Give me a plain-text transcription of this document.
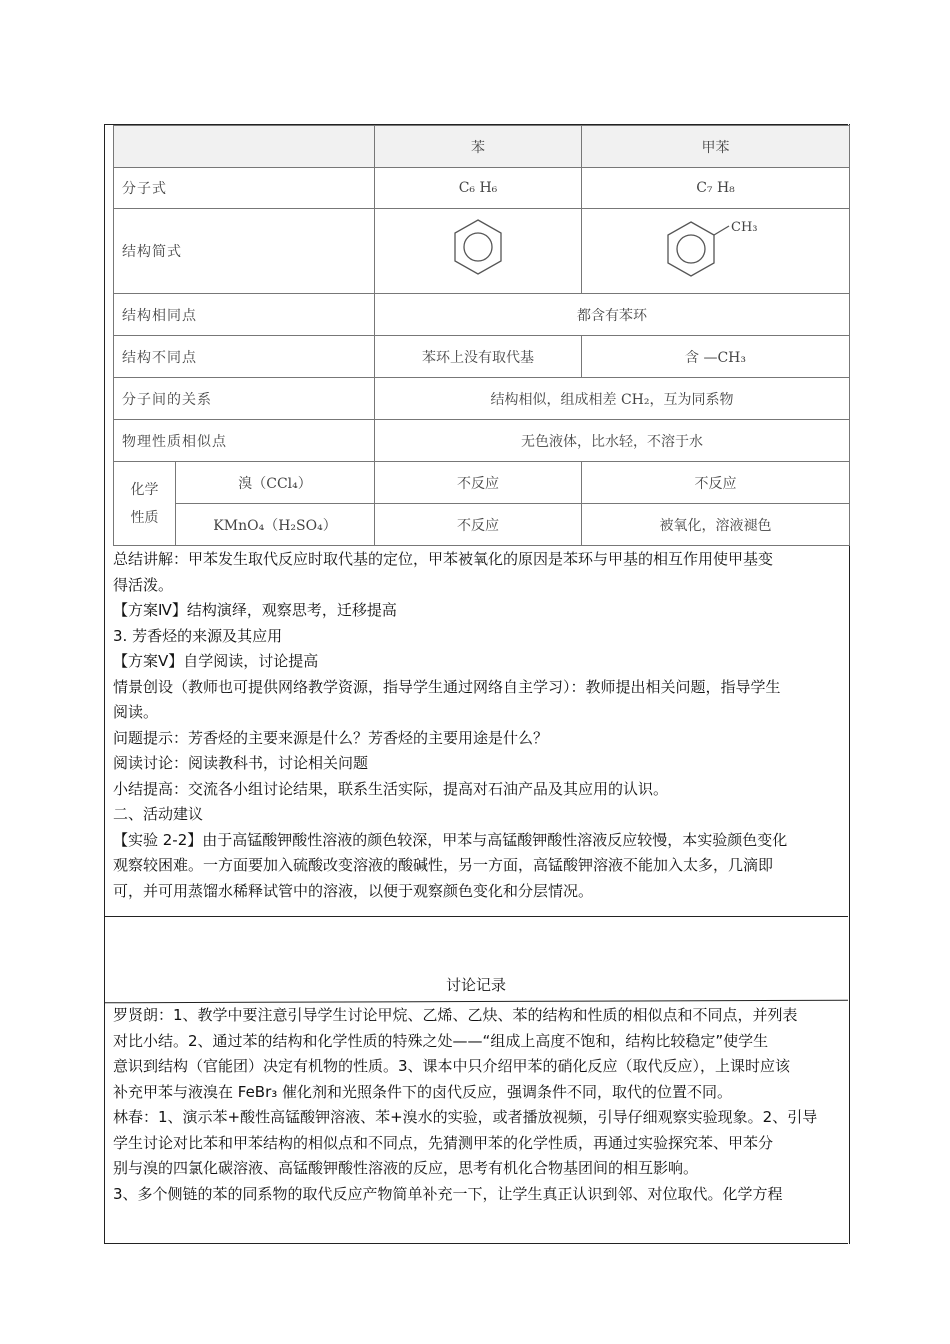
		苯	甲苯
分子式		C₆ H₆	C₇ H₈
结构简式			CH₃

结构相同点		都含有苯环	
结构不同点		苯环上没有取代基	含 —CH₃
分子间的关系		结构相似，组成相差 CH₂，互为同系物	
物理性质相似点		无色液体，比水轻，不溶于水	

化学
性质	溴（CCl₄）	不反应	不反应
	KMnO₄（H₂SO₄）	不反应	被氧化，溶液褪色

总结讲解：甲苯发生取代反应时取代基的定位，甲苯被氧化的原因是苯环与甲基的相互作用使甲基变

得活泼。

【方案Ⅳ】结构演绎，观察思考，迁移提高

3. 芳香烃的来源及其应用

【方案Ⅴ】自学阅读，讨论提高

情景创设（教师也可提供网络教学资源，指导学生通过网络自主学习）：教师提出相关问题，指导学生

阅读。

问题提示：芳香烃的主要来源是什么？芳香烃的主要用途是什么？

阅读讨论：阅读教科书，讨论相关问题

小结提高：交流各小组讨论结果，联系生活实际，提高对石油产品及其应用的认识。

二、活动建议

【实验 2-2】由于高锰酸钾酸性溶液的颜色较深，甲苯与高锰酸钾酸性溶液反应较慢，本实验颜色变化

观察较困难。一方面要加入硫酸改变溶液的酸碱性，另一方面，高锰酸钾溶液不能加入太多，几滴即

可，并可用蒸馏水稀释试管中的溶液，以便于观察颜色变化和分层情况。

讨论记录

罗贤朗：1、教学中要注意引导学生讨论甲烷、乙烯、乙炔、苯的结构和性质的相似点和不同点，并列表

对比小结。2、通过苯的结构和化学性质的特殊之处——“组成上高度不饱和，结构比较稳定”使学生

意识到结构（官能团）决定有机物的性质。3、课本中只介绍甲苯的硝化反应（取代反应），上课时应该

补充甲苯与液溴在 FeBr₃ 催化剂和光照条件下的卤代反应，强调条件不同，取代的位置不同。

林春：1、演示苯+酸性高锰酸钾溶液、苯+溴水的实验，或者播放视频，引导仔细观察实验现象。2、引导

学生讨论对比苯和甲苯结构的相似点和不同点，先猜测甲苯的化学性质，再通过实验探究苯、甲苯分

别与溴的四氯化碳溶液、高锰酸钾酸性溶液的反应，思考有机化合物基团间的相互影响。

3、多个侧链的苯的同系物的取代反应产物简单补充一下，让学生真正认识到邻、对位取代。化学方程
